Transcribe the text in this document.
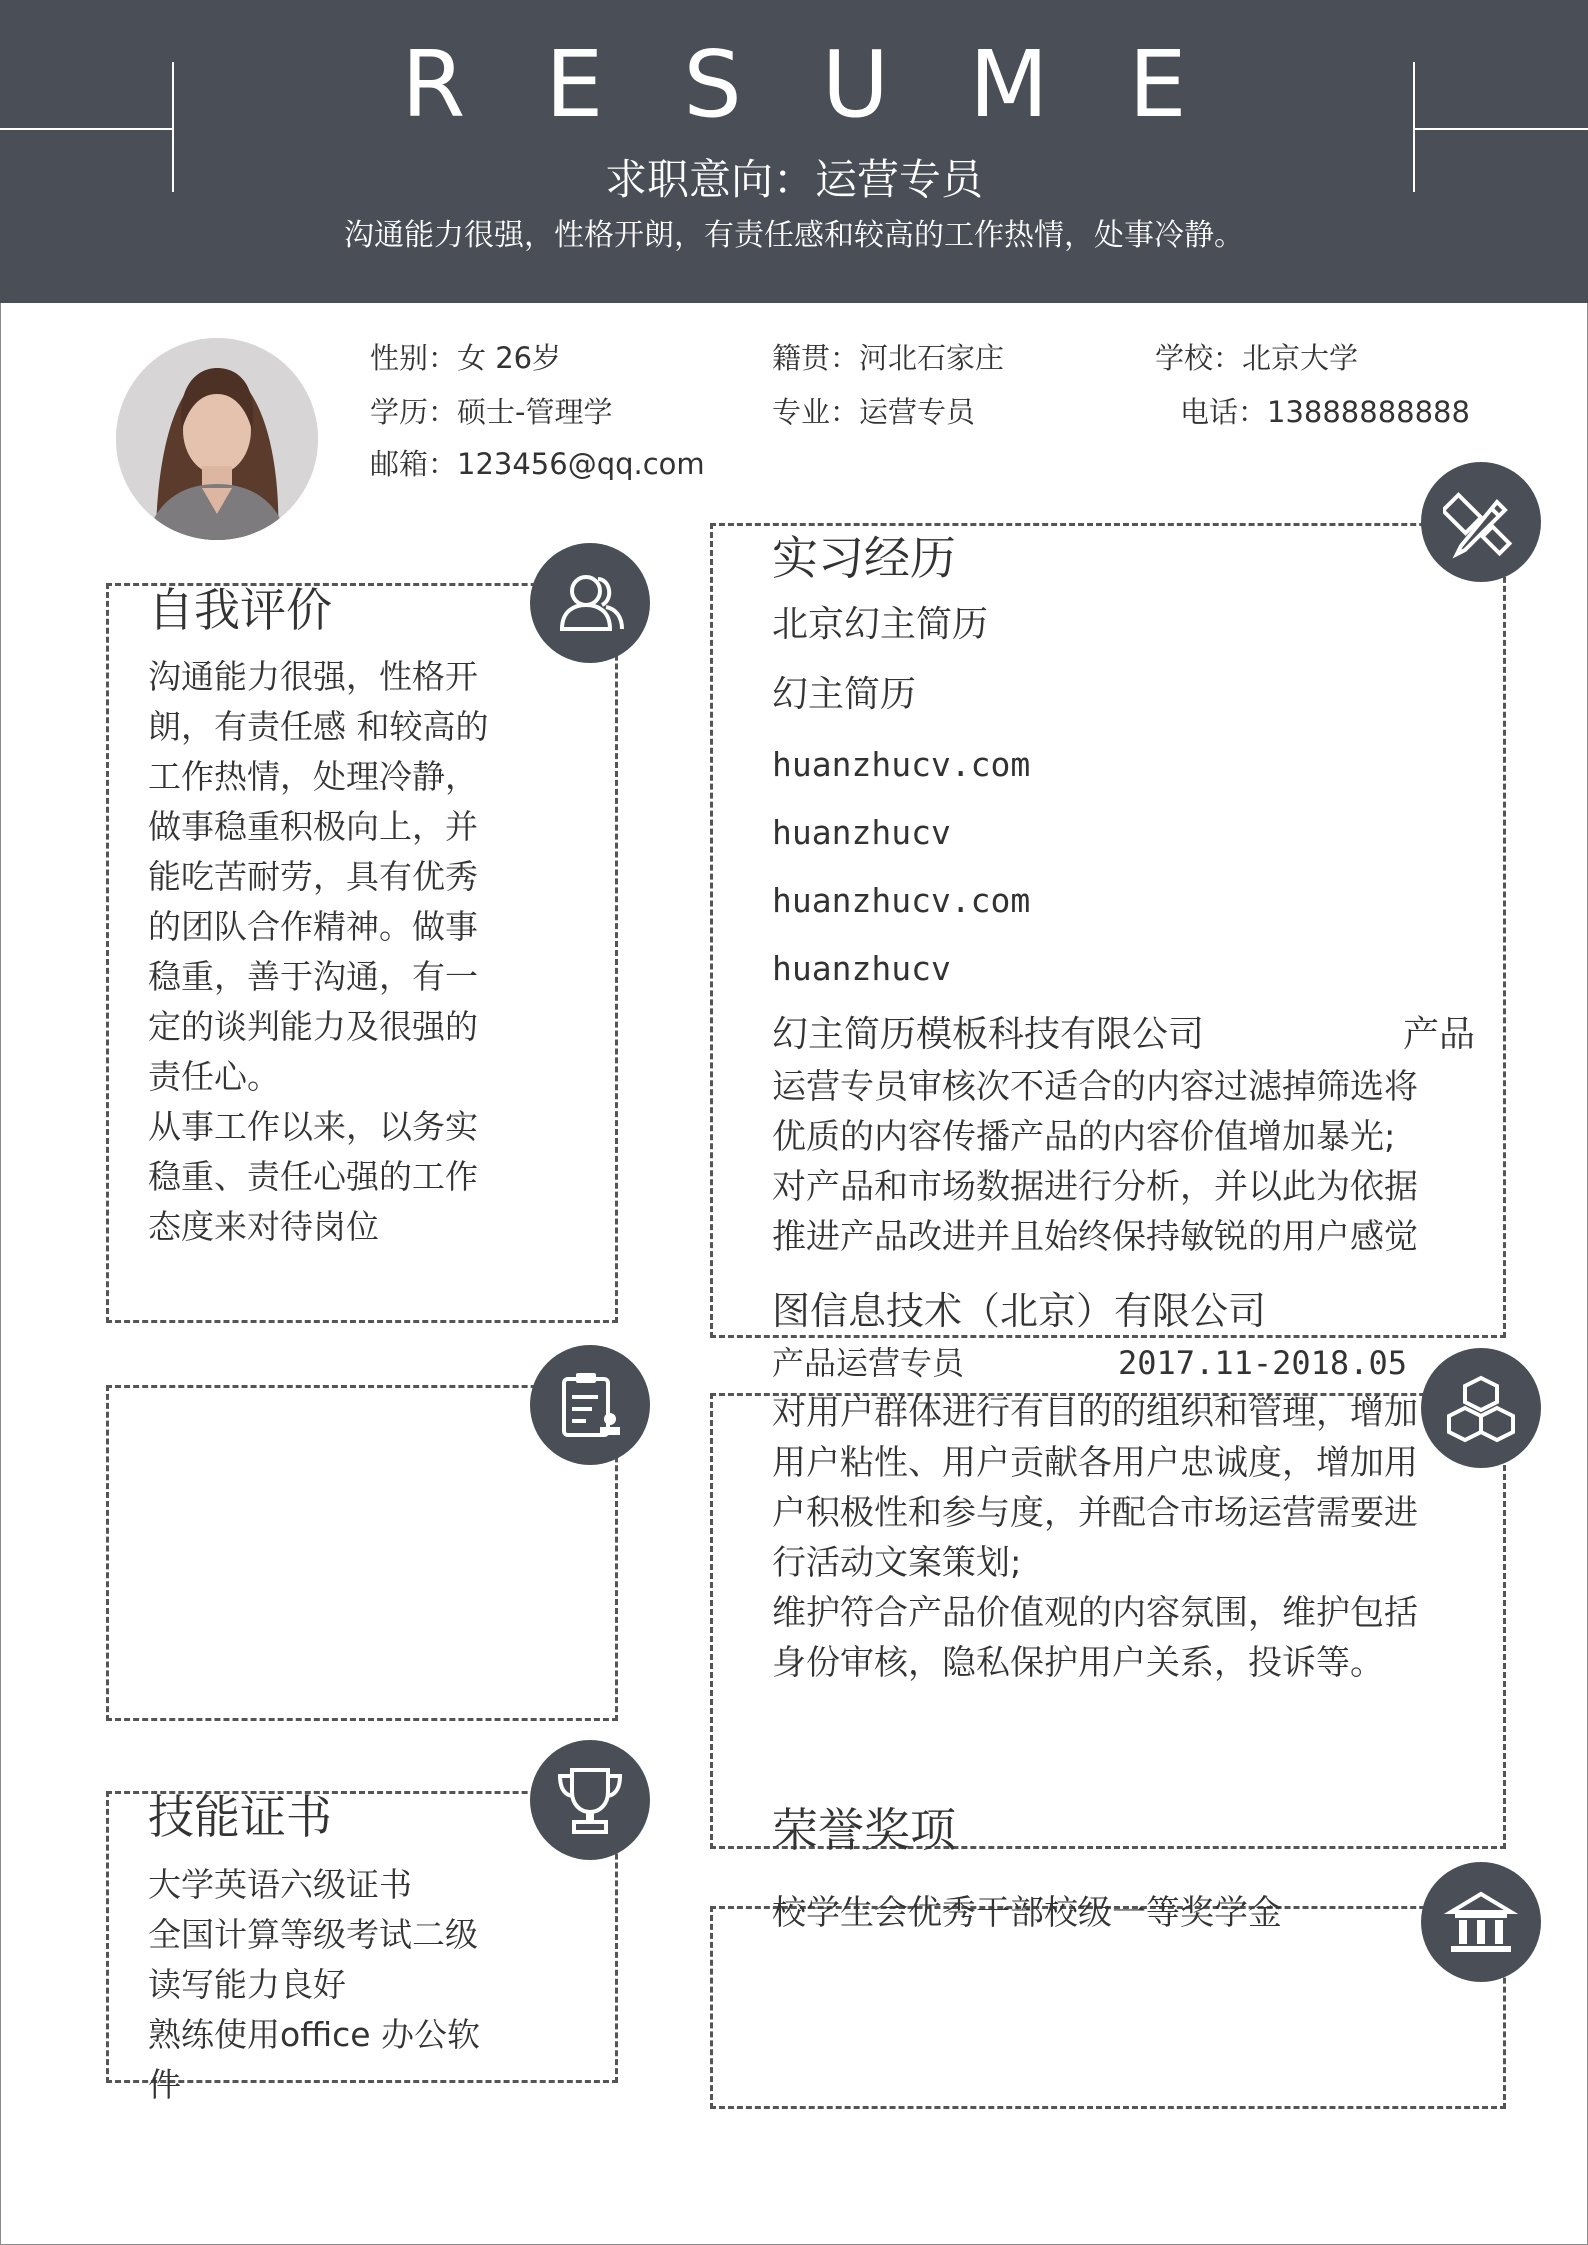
RESUME
求职意向：运营专员
沟通能力很强，性格开朗，有责任感和较高的工作热情，处事冷静。
性别：女 26岁	籍贯：河北石家庄	学校：北京大学
学历：硕士-管理学	专业：运营专员	电话：13888888888
邮箱：123456@qq.com
自我评价
沟通能力很强，性格开
朗，有责任感 和较高的
工作热情，处理冷静，
做事稳重积极向上，并
能吃苦耐劳，具有优秀
的团队合作精神。做事
稳重，善于沟通，有一
定的谈判能力及很强的
责任心。
从事工作以来，以务实
稳重、责任心强的工作
态度来对待岗位
技能证书
大学英语六级证书
全国计算等级考试二级
读写能力良好
熟练使用office 办公软
件
实习经历
北京幻主简历
幻主简历
huanzhucv.com
huanzhucv
huanzhucv.com
huanzhucv
幻主简历模板科技有限公司	产品
运营专员审核次不适合的内容过滤掉筛选将
优质的内容传播产品的内容价值增加暴光;
对产品和市场数据进行分析，并以此为依据
推进产品改进并且始终保持敏锐的用户感觉
图信息技术（北京）有限公司
产品运营专员	2017.11-2018.05
对用户群体进行有目的的组织和管理，增加
用户粘性、用户贡献各用户忠诚度，增加用
户积极性和参与度，并配合市场运营需要进
行活动文案策划;
维护符合产品价值观的内容氛围，维护包括
身份审核，隐私保护用户关系，投诉等。
荣誉奖项
校学生会优秀干部校级一等奖学金
